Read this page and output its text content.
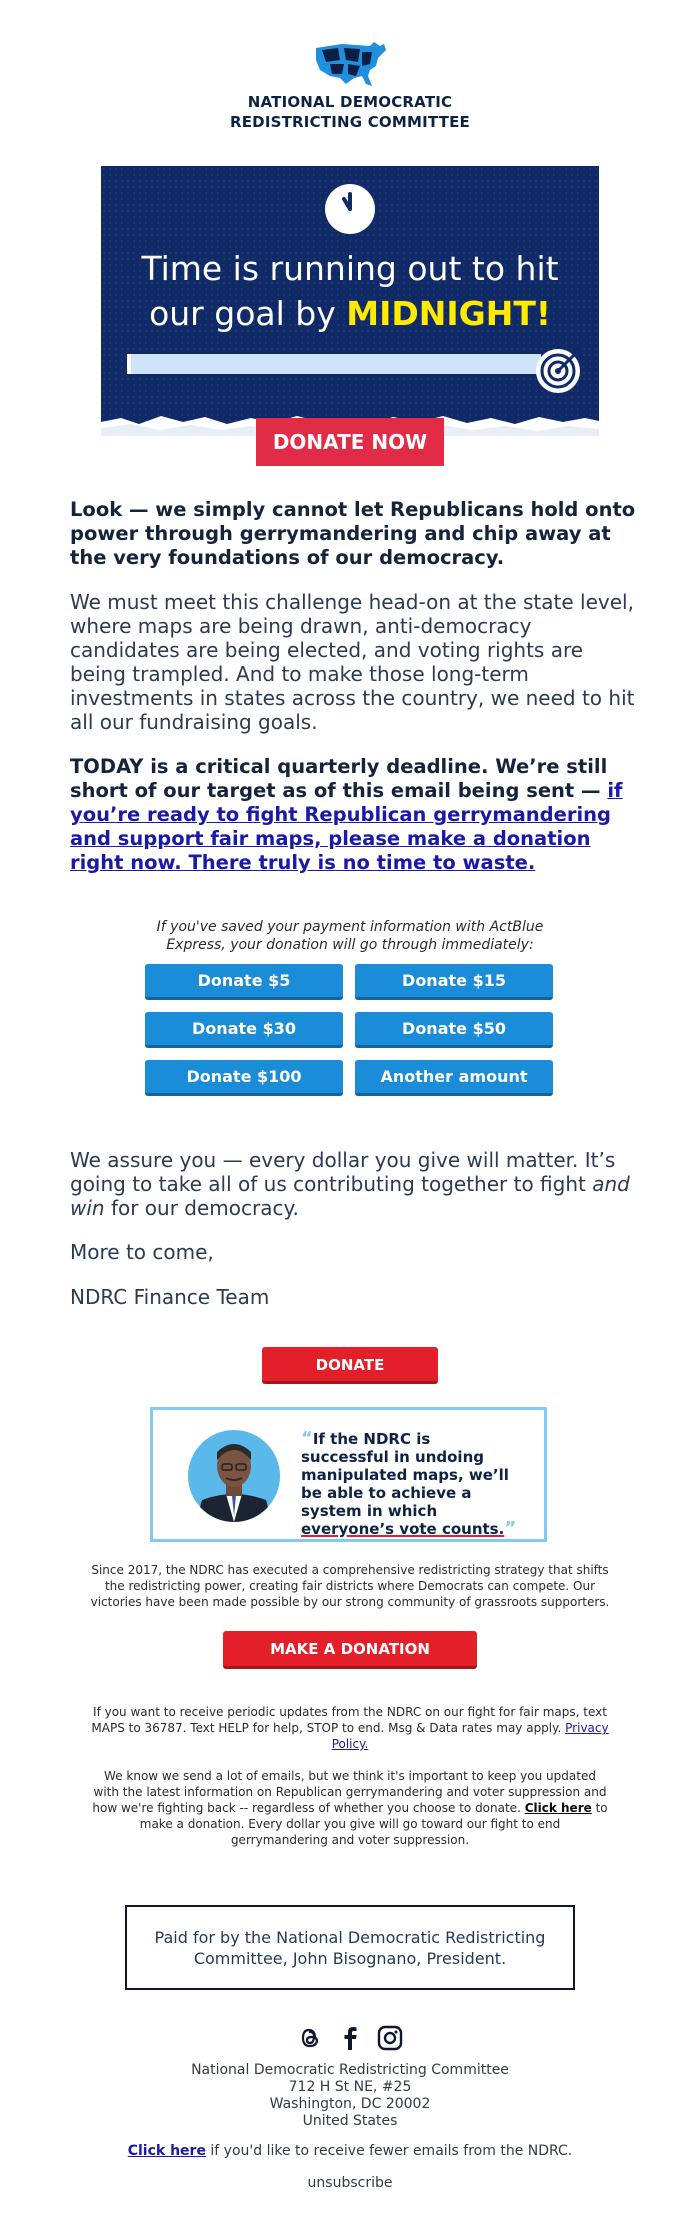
NATIONAL DEMOCRATIC
REDISTRICTING COMMITTEE
Time is running out to hit
our goal by MIDNIGHT!
DONATE NOW

Look — we simply cannot let Republicans hold onto power through gerrymandering and chip away at the very foundations of our democracy.

We must meet this challenge head-on at the state level, where maps are being drawn, anti-democracy candidates are being elected, and voting rights are being trampled. And to make those long-term investments in states across the country, we need to hit all our fundraising goals.

TODAY is a critical quarterly deadline. We’re still short of our target as of this email being sent — if you’re ready to fight Republican gerrymandering and support fair maps, please make a donation right now. There truly is no time to waste.

If you've saved your payment information with ActBlue Express, your donation will go through immediately:
Donate $5	Donate $15
Donate $30	Donate $50
Donate $100	Another amount

We assure you — every dollar you give will matter. It’s going to take all of us contributing together to fight and win for our democracy.

More to come,

NDRC Finance Team

DONATE
“If the NDRC is successful in undoing manipulated maps, we’ll be able to achieve a system in which everyone’s vote counts.”

Since 2017, the NDRC has executed a comprehensive redistricting strategy that shifts the redistricting power, creating fair districts where Democrats can compete. Our victories have been made possible by our strong community of grassroots supporters.

MAKE A DONATION

If you want to receive periodic updates from the NDRC on our fight for fair maps, text MAPS to 36787. Text HELP for help, STOP to end. Msg & Data rates may apply. Privacy Policy.

We know we send a lot of emails, but we think it's important to keep you updated with the latest information on Republican gerrymandering and voter suppression and how we're fighting back -- regardless of whether you choose to donate. Click here to make a donation. Every dollar you give will go toward our fight to end gerrymandering and voter suppression.

Paid for by the National Democratic Redistricting Committee, John Bisognano, President.

National Democratic Redistricting Committee

712 H St NE, #25

Washington, DC 20002

United States

Click here if you'd like to receive fewer emails from the NDRC.

unsubscribe
